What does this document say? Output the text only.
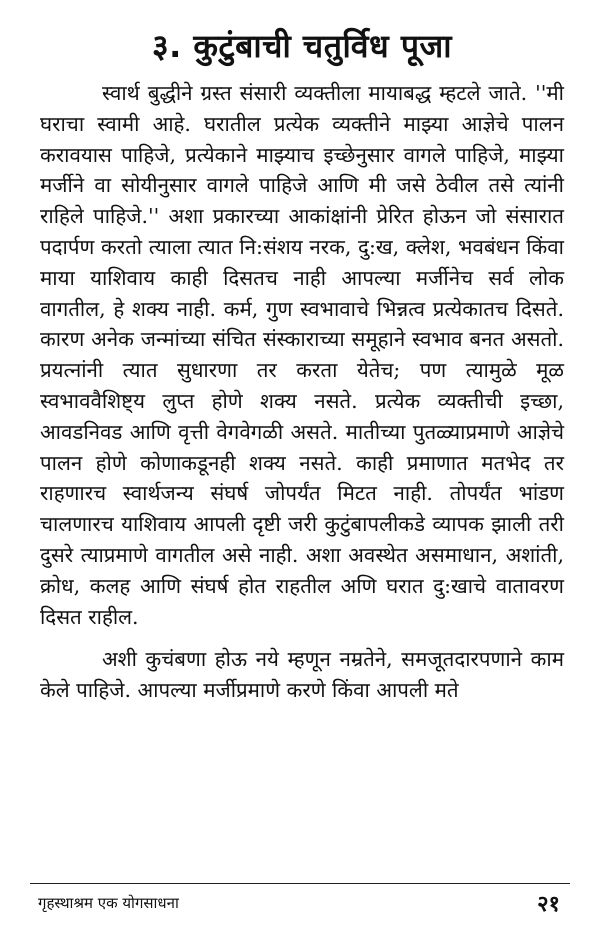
३. कुटुंबाची चतुर्विध पूजा

स्वार्थ बुद्धीने ग्रस्त संसारी व्यक्तीला मायाबद्ध म्हटले जाते. ''मी घराचा स्वामी आहे. घरातील प्रत्येक व्यक्तीने माझ्या आज्ञेचे पालन करावयास पाहिजे, प्रत्येकाने माझ्याच इच्छेनुसार वागले पाहिजे, माझ्या मर्जीने वा सोयीनुसार वागले पाहिजे आणि मी जसे ठेवील तसे त्यांनी राहिले पाहिजे.'' अशा प्रकारच्या आकांक्षांनी प्रेरित होऊन जो संसारात पदार्पण करतो त्याला त्यात नि:संशय नरक, दु:ख, क्लेश, भवबंधन किंवा माया याशिवाय काही दिसतच नाही आपल्या मर्जीनेच सर्व लोक वागतील, हे शक्य नाही. कर्म, गुण स्वभावाचे भिन्नत्व प्रत्येकातच दिसते. कारण अनेक जन्मांच्या संचित संस्काराच्या समूहाने स्वभाव बनत असतो. प्रयत्नांनी त्यात सुधारणा तर करता येतेच; पण त्यामुळे मूळ स्वभाववैशिष्ट्य लुप्त होणे शक्य नसते. प्रत्येक व्यक्तीची इच्छा, आवडनिवड आणि वृत्ती वेगवेगळी असते. मातीच्या पुतळ्याप्रमाणे आज्ञेचे पालन होणे कोणाकडूनही शक्य नसते. काही प्रमाणात मतभेद तर राहणारच स्वार्थजन्य संघर्ष जोपर्यंत मिटत नाही. तोपर्यंत भांडण चालणारच याशिवाय आपली दृष्टी जरी कुटुंबापलीकडे व्यापक झाली तरी दुसरे त्याप्रमाणे वागतील असे नाही. अशा अवस्थेत असमाधान, अशांती, क्रोध, कलह आणि संघर्ष होत राहतील अणि घरात दु:खाचे वातावरण दिसत राहील.

अशी कुचंबणा होऊ नये म्हणून नम्रतेने, समजूतदारपणाने काम केले पाहिजे. आपल्या मर्जीप्रमाणे करणे किंवा आपली मते

गृहस्थाश्रम एक योगसाधना	२१
